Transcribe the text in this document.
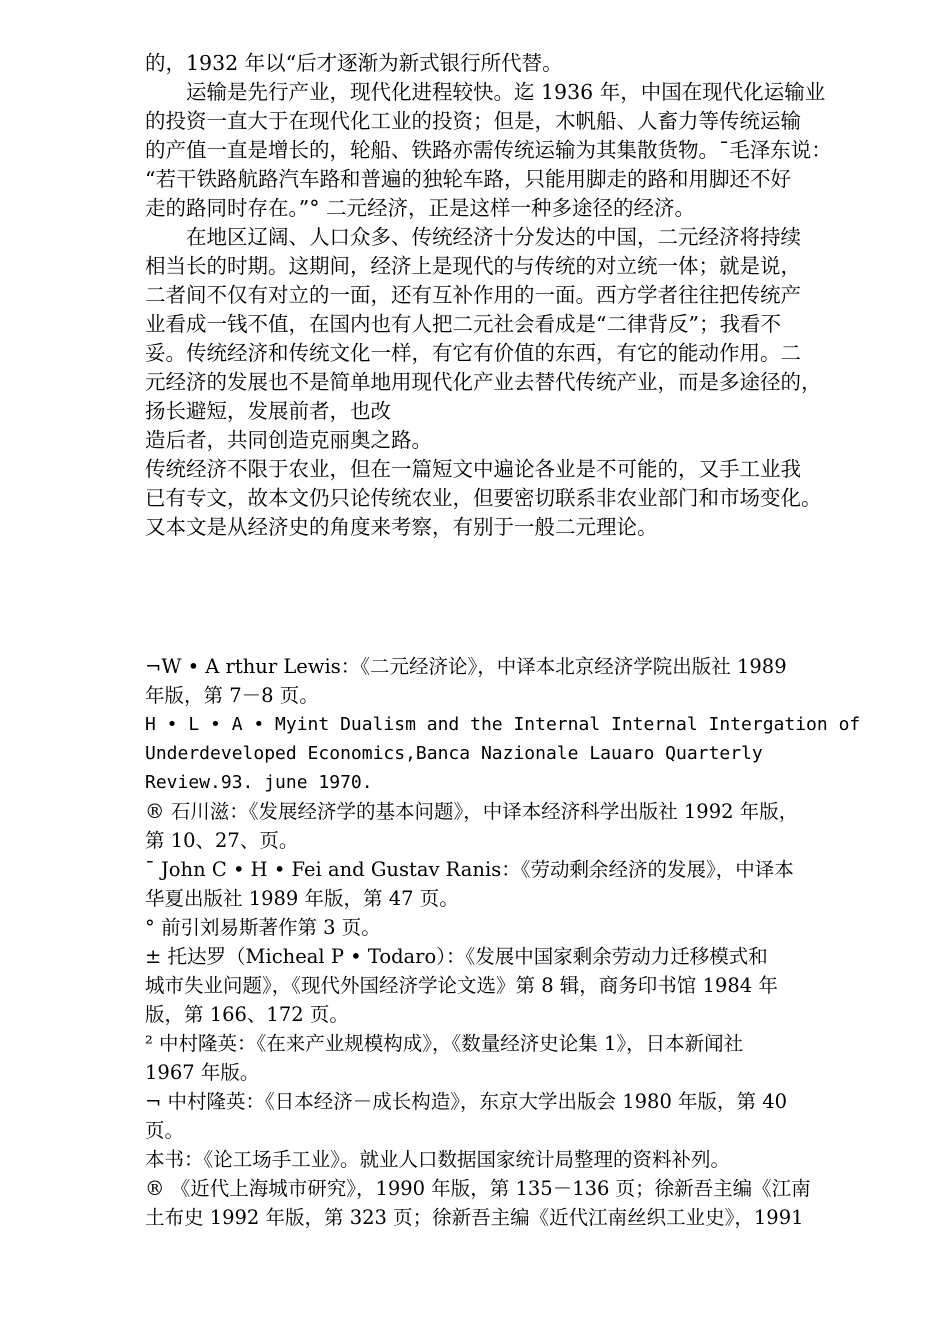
的，1932 年以“后才逐渐为新式银行所代替。
　　运输是先行产业，现代化进程较快。迄 1936 年，中国在现代化运输业
的投资一直大于在现代化工业的投资；但是，木帆船、人畜力等传统运输
的产值一直是增长的，轮船、铁路亦需传统运输为其集散货物。¯毛泽东说：
“若干铁路航路汽车路和普遍的独轮车路，只能用脚走的路和用脚还不好
走的路同时存在。”° 二元经济，正是这样一种多途径的经济。
　　在地区辽阔、人口众多、传统经济十分发达的中国，二元经济将持续
相当长的时期。这期间，经济上是现代的与传统的对立统一体；就是说，
二者间不仅有对立的一面，还有互补作用的一面。西方学者往往把传统产
业看成一钱不值，在国内也有人把二元社会看成是“二律背反”；我看不
妥。传统经济和传统文化一样，有它有价值的东西，有它的能动作用。二
元经济的发展也不是简单地用现代化产业去替代传统产业，而是多途径的，
扬长避短，发展前者，也改
造后者，共同创造克丽奥之路。
传统经济不限于农业，但在一篇短文中遍论各业是不可能的，又手工业我
已有专文，故本文仍只论传统农业，但要密切联系非农业部门和市场变化。
又本文是从经济史的角度来考察，有别于一般二元理论。
¬W • A rthur Lewis：《二元经济论》，中译本北京经济学院出版社 1989
年版，第 7－8 页。
H • L • A • Myint Dualism and the Internal Internal Intergation of
Underdeveloped Economics,Banca Nazionale Lauaro Quarterly
Review.93. june 1970.
® 石川滋：《发展经济学的基本问题》，中译本经济科学出版社 1992 年版，
第 10、27、页。
¯ John C • H • Fei and Gustav Ranis：《劳动剩余经济的发展》，中译本
华夏出版社 1989 年版，第 47 页。
° 前引刘易斯著作第 3 页。
± 托达罗（Micheal P • Todaro）：《发展中国家剩余劳动力迁移模式和
城市失业问题》，《现代外国经济学论文选》第 8 辑，商务印书馆 1984 年
版，第 166、172 页。
² 中村隆英：《在来产业规模构成》，《数量经济史论集 1》，日本新闻社
1967 年版。
¬ 中村隆英：《日本经济－成长构造》，东京大学出版会 1980 年版，第 40
页。
本书：《论工场手工业》。就业人口数据国家统计局整理的资料补列。
® 《近代上海城市研究》，1990 年版，第 135－136 页；徐新吾主编《江南
土布史 1992 年版，第 323 页；徐新吾主编《近代江南丝织工业史》，1991
